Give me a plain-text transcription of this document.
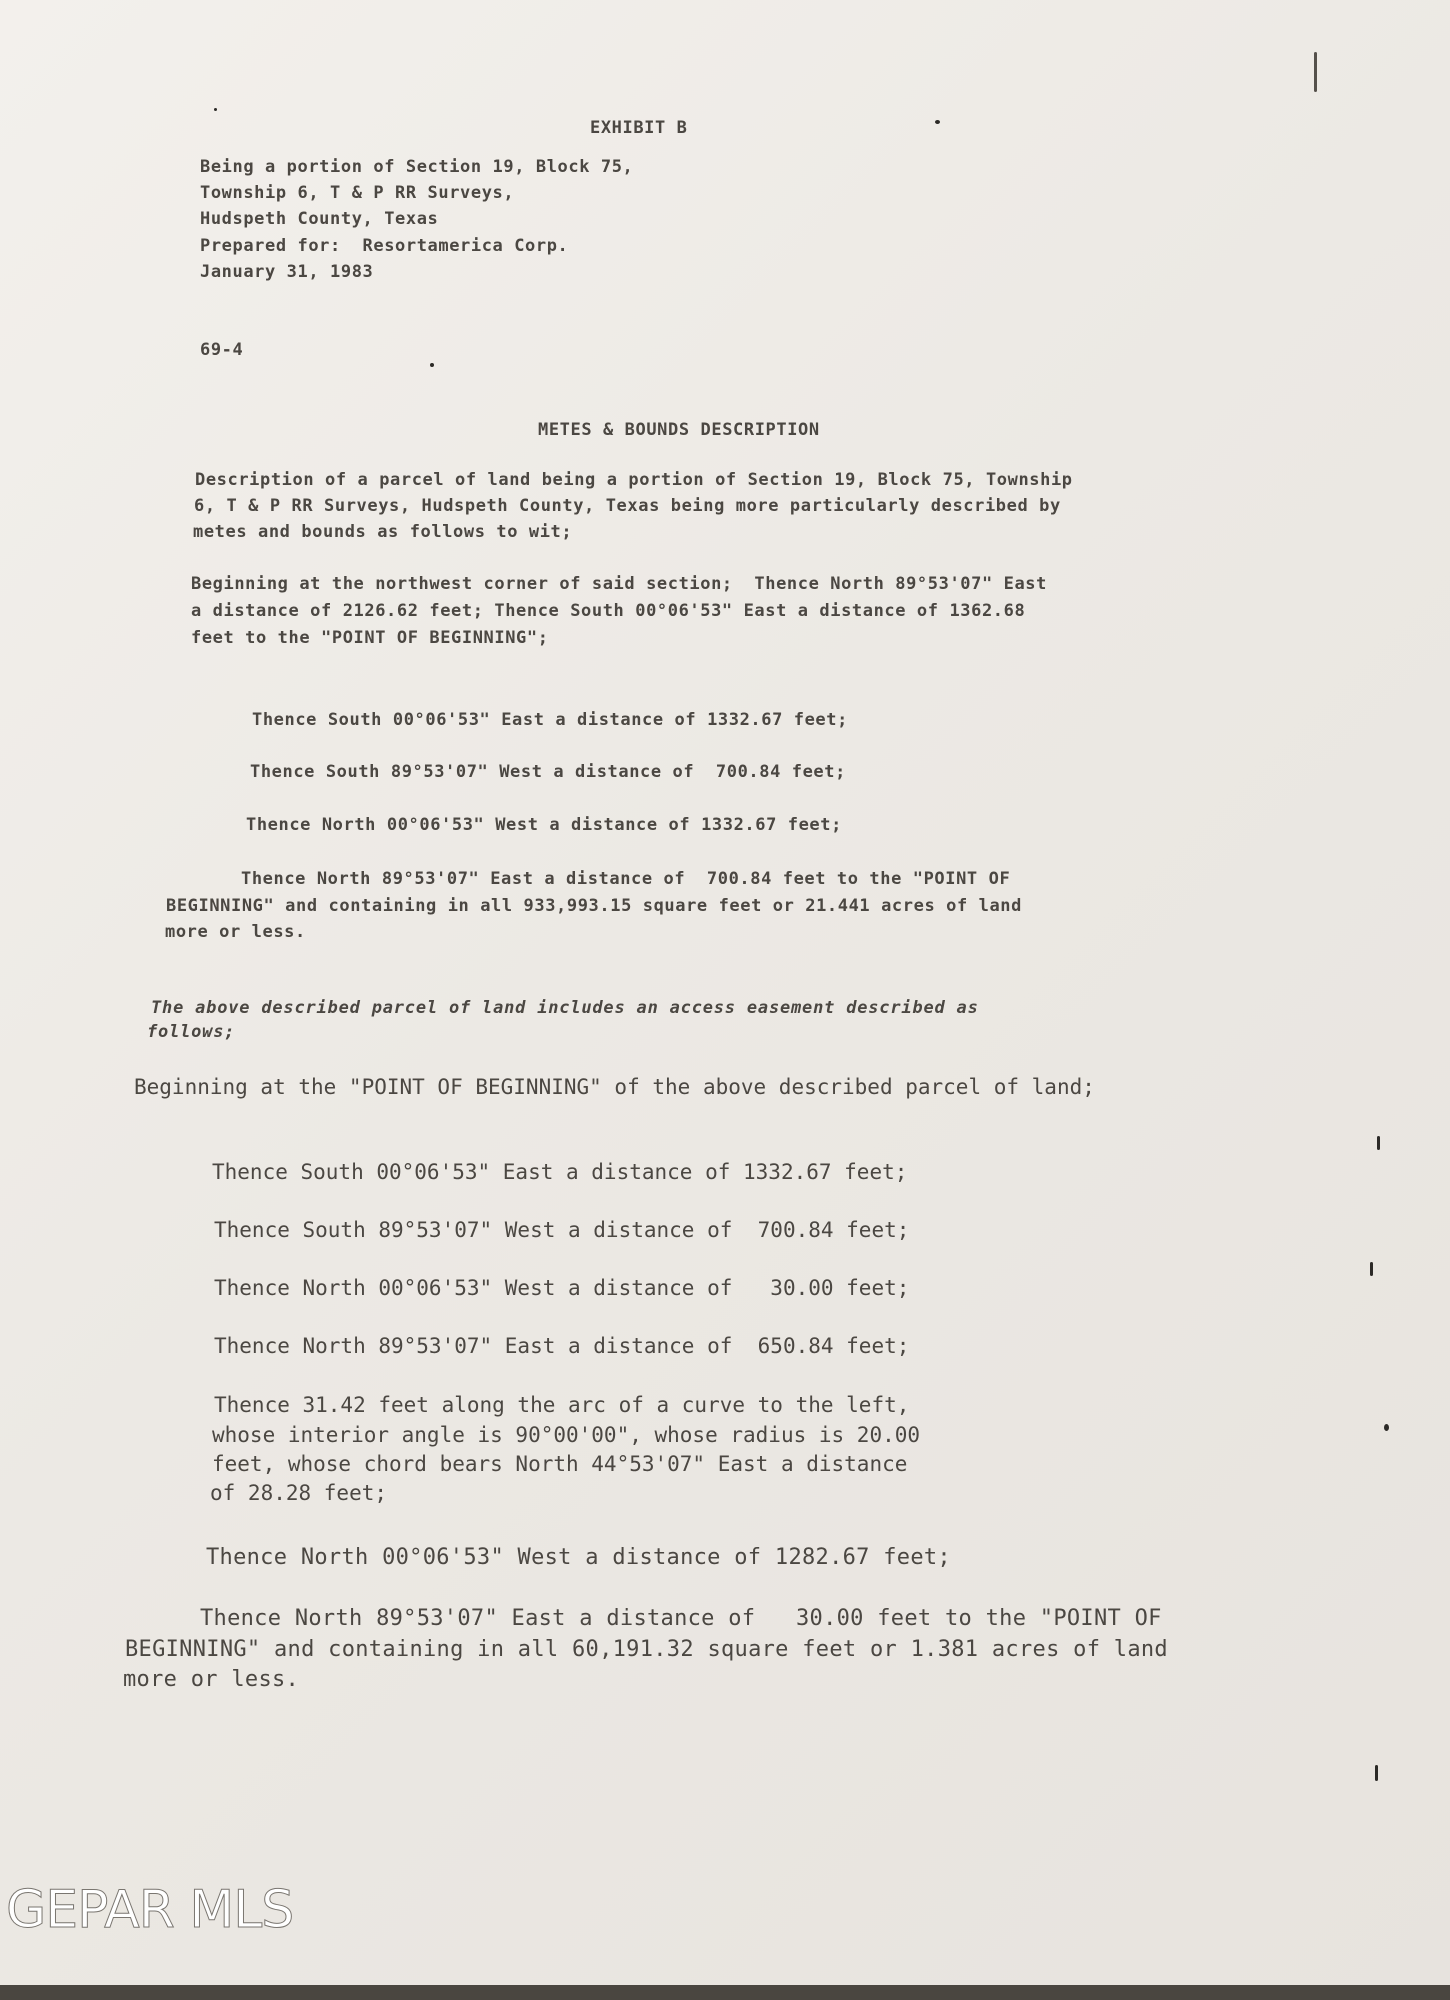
EXHIBIT B
Being a portion of Section 19, Block 75,
Township 6, T & P RR Surveys,
Hudspeth County, Texas
Prepared for:  Resortamerica Corp.
January 31, 1983
69-4
METES & BOUNDS DESCRIPTION
Description of a parcel of land being a portion of Section 19, Block 75, Township
6, T & P RR Surveys, Hudspeth County, Texas being more particularly described by
metes and bounds as follows to wit;
Beginning at the northwest corner of said section;  Thence North 89°53'07" East
a distance of 2126.62 feet; Thence South 00°06'53" East a distance of 1362.68
feet to the "POINT OF BEGINNING";
Thence South 00°06'53" East a distance of 1332.67 feet;
Thence South 89°53'07" West a distance of  700.84 feet;
Thence North 00°06'53" West a distance of 1332.67 feet;
Thence North 89°53'07" East a distance of  700.84 feet to the "POINT OF
BEGINNING" and containing in all 933,993.15 square feet or 21.441 acres of land
more or less.
The above described parcel of land includes an access easement described as
follows;
Beginning at the "POINT OF BEGINNING" of the above described parcel of land;
Thence South 00°06'53" East a distance of 1332.67 feet;
Thence South 89°53'07" West a distance of  700.84 feet;
Thence North 00°06'53" West a distance of   30.00 feet;
Thence North 89°53'07" East a distance of  650.84 feet;
Thence 31.42 feet along the arc of a curve to the left,
whose interior angle is 90°00'00", whose radius is 20.00
feet, whose chord bears North 44°53'07" East a distance
of 28.28 feet;
Thence North 00°06'53" West a distance of 1282.67 feet;
Thence North 89°53'07" East a distance of   30.00 feet to the "POINT OF
BEGINNING" and containing in all 60,191.32 square feet or 1.381 acres of land
more or less.
GEPAR MLS
